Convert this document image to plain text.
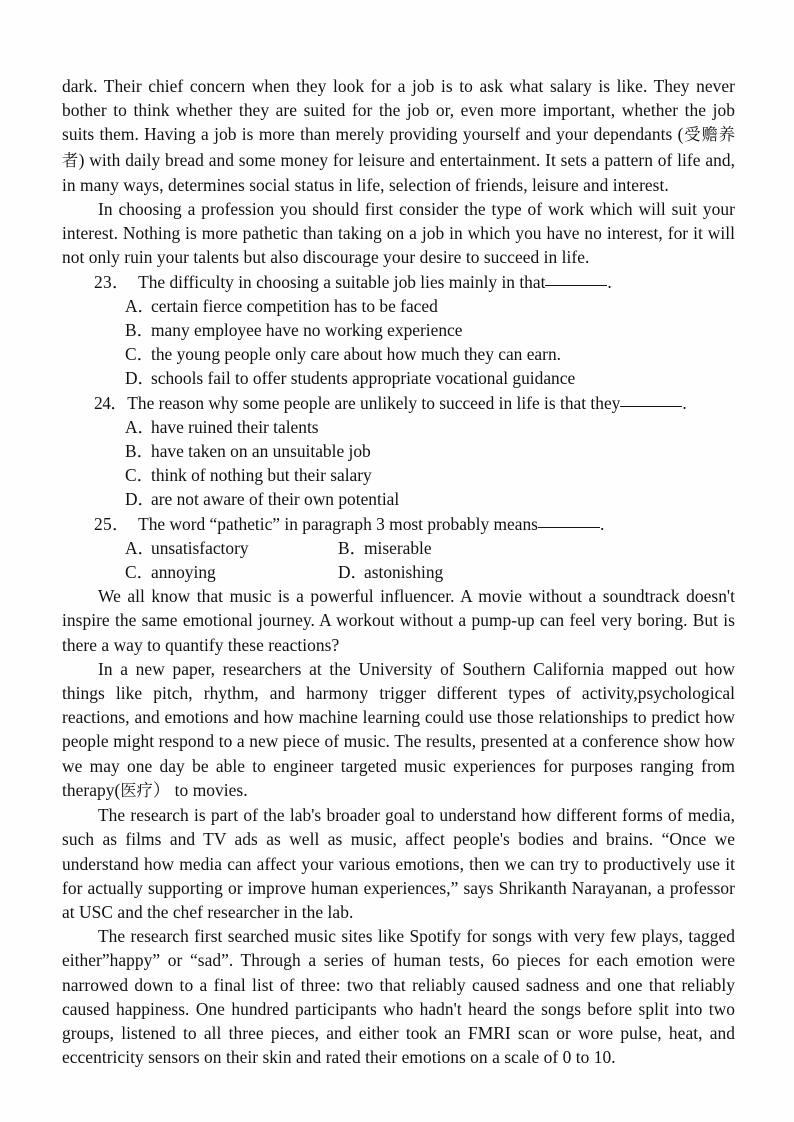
dark. Their chief concern when they look for a job is to ask what salary is like. They never bother to think whether they are suited for the job or, even more important, whether the job suits them. Having a job is more than merely providing yourself and your dependants (受赡养者) with daily bread and some money for leisure and entertainment. It sets a pattern of life and, in many ways, determines social status in life, selection of friends, leisure and interest.

In choosing a profession you should first consider the type of work which will suit your interest. Nothing is more pathetic than taking on a job in which you have no interest, for it will not only ruin your talents but also discourage your desire to succeed in life.

23． The difficulty in choosing a suitable job lies mainly in that	.
A．certain fierce competition has to be faced
B．many employee have no working experience
C．the young people only care about how much they can earn.
D．schools fail to offer students appropriate vocational guidance
24．The reason why some people are unlikely to succeed in life is that they	.
A．have ruined their talents
B．have taken on an unsuitable job
C．think of nothing but their salary
D．are not aware of their own potential
25． The word “pathetic” in paragraph 3 most probably means	.
A．unsatisfactory	B．miserable
C．annoying	D．astonishing

We all know that music is a powerful influencer. A movie without a soundtrack doesn't inspire the same emotional journey. A workout without a pump-up can feel very boring. But is there a way to quantify these reactions?

In a new paper, researchers at the University of Southern California mapped out how things like pitch, rhythm, and harmony trigger different types of activity,psychological reactions, and emotions and how machine learning could use those relationships to predict how people might respond to a new piece of music. The results, presented at a conference show how we may one day be able to engineer targeted music experiences for purposes ranging from therapy(医疗） to movies.

The research is part of the lab's broader goal to understand how different forms of media, such as films and TV ads as well as music, affect people's bodies and brains. “Once we understand how media can affect your various emotions, then we can try to productively use it for actually supporting or improve human experiences,” says Shrikanth Narayanan, a professor at USC and the chef researcher in the lab.

The research first searched music sites like Spotify for songs with very few plays, tagged either”happy” or “sad”. Through a series of human tests, 6o pieces for each emotion were narrowed down to a final list of three: two that reliably caused sadness and one that reliably caused happiness. One hundred participants who hadn't heard the songs before split into two groups, listened to all three pieces, and either took an FMRI scan or wore pulse, heat, and eccentricity sensors on their skin and rated their emotions on a scale of 0 to 10.
